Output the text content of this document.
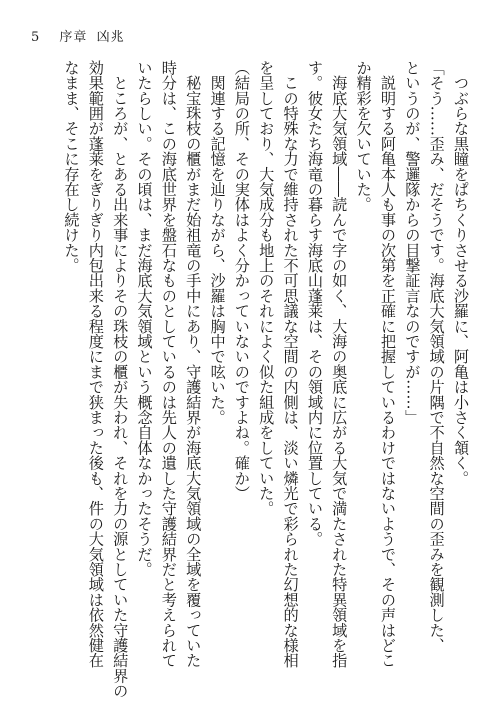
5 序章 凶兆

　つぶらな黒瞳をぱちくりさせる沙羅に、阿亀は小さく頷く。

「そう……歪み、だそうです。海底大気領域の片隅で不自然な空間の歪みを観測した、

というのが、警邏隊からの目撃証言なのですが……」

　説明する阿亀本人も事の次第を正確に把握しているわけではないようで、その声はどこ

か精彩を欠いていた。

　海底大気領域――読んで字の如く、大海の奥底に広がる大気で満たされた特異領域を指

す。彼女たち海竜の暮らす海底山蓬莱は、その領域内に位置している。

　この特殊な力で維持された不可思議な空間の内側は、淡い燐光で彩られた幻想的な様相

を呈しており、大気成分も地上のそれによく似た組成をしていた。

（結局の所、その実体はよく分かっていないのですよね。確か）

　関連する記憶を辿りながら、沙羅は胸中で呟いた。

　秘宝珠枝の櫃がまだ始祖竜の手中にあり、守護結界が海底大気領域の全域を覆っていた

時分は、この海底世界を盤石なものとしているのは先人の遺した守護結界だと考えられて

いたらしい。その頃は、まだ海底大気領域という概念自体なかったそうだ。

　ところが、とある出来事によりその珠枝の櫃が失われ、それを力の源としていた守護結界の

効果範囲が蓬莱をぎりぎり内包出来る程度にまで狭まった後も、件の大気領域は依然健在

なまま、そこに存在し続けた。
